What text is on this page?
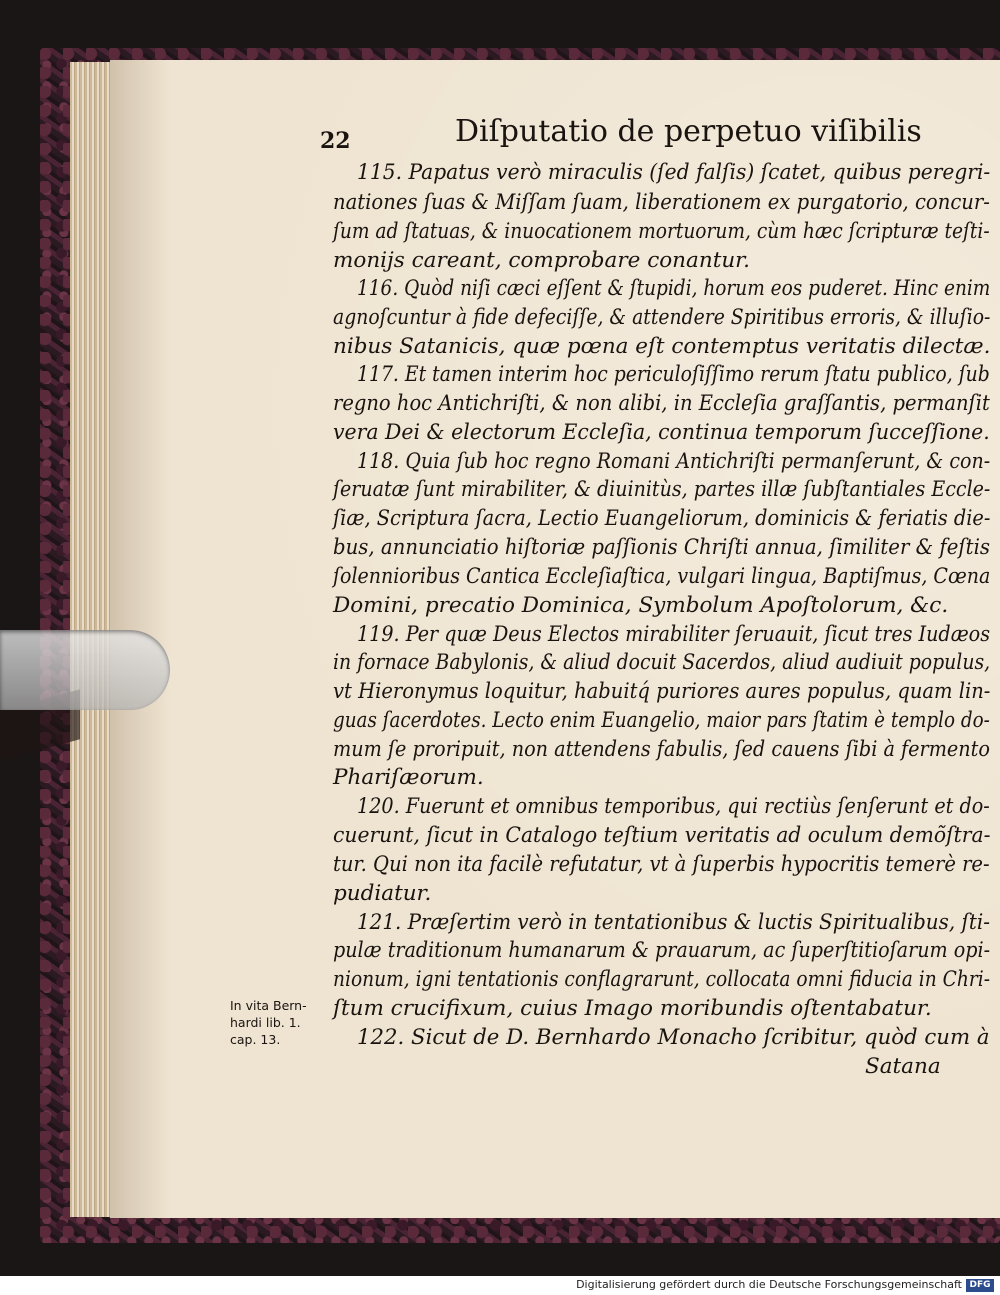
22	Diſputatio de perpetuo viſibilis
115. Papatus verò miraculis (ſed falſis) ſcatet, quibus peregri-
nationes ſuas & Miſſam ſuam, liberationem ex purgatorio, concur-
ſum ad ſtatuas, & inuocationem mortuorum, cùm hæc ſcripturæ teſti-
monijs careant, comprobare conantur.
116. Quòd niſi cæci eſſent & ſtupidi, horum eos puderet. Hinc enim
agnoſcuntur à fide defeciſſe, & attendere Spiritibus erroris, & illuſio-
nibus Satanicis, quæ pœna eſt contemptus veritatis dilectæ.
117. Et tamen interim hoc periculoſiſſimo rerum ſtatu publico, ſub
regno hoc Antichriſti, & non alibi, in Eccleſia graſſantis, permanſit
vera Dei & electorum Eccleſia, continua temporum ſucceſſione.
118. Quia ſub hoc regno Romani Antichriſti permanſerunt, & con-
ſeruatæ ſunt mirabiliter, & diuinitùs, partes illæ ſubſtantiales Eccle-
ſiæ, Scriptura ſacra, Lectio Euangeliorum, dominicis & feriatis die-
bus, annunciatio hiſtoriæ paſſionis Chriſti annua, ſimiliter & feſtis
ſolennioribus Cantica Eccleſiaſtica, vulgari lingua, Baptiſmus, Cœna
Domini, precatio Dominica, Symbolum Apoſtolorum, &c.
119. Per quæ Deus Electos mirabiliter ſeruauit, ſicut tres Iudæos
in fornace Babylonis, & aliud docuit Sacerdos, aliud audiuit populus,
vt Hieronymus loquitur, habuitq́ puriores aures populus, quam lin-
guas ſacerdotes. Lecto enim Euangelio, maior pars ſtatim è templo do-
mum ſe proripuit, non attendens fabulis, ſed cauens ſibi à fermento
Phariſæorum.
120. Fuerunt et omnibus temporibus, qui rectiùs ſenſerunt et do-
cuerunt, ſicut in Catalogo teſtium veritatis ad oculum demõſtra-
tur. Qui non ita facilè refutatur, vt à ſuperbis hypocritis temerè re-
pudiatur.
121. Præſertim verò in tentationibus & luctis Spiritualibus, ſti-
pulæ traditionum humanarum & prauarum, ac ſuperſtitioſarum opi-
nionum, igni tentationis conflagrarunt, collocata omni fiducia in Chri-
ſtum crucifixum, cuius Imago moribundis oſtentabatur.
122. Sicut de D. Bernhardo Monacho ſcribitur, quòd cum à
Satana
In vita Bern-
hardi lib. 1.
cap. 13.
Digitalisierung gefördert durch die Deutsche Forschungsgemeinschaft DFG
